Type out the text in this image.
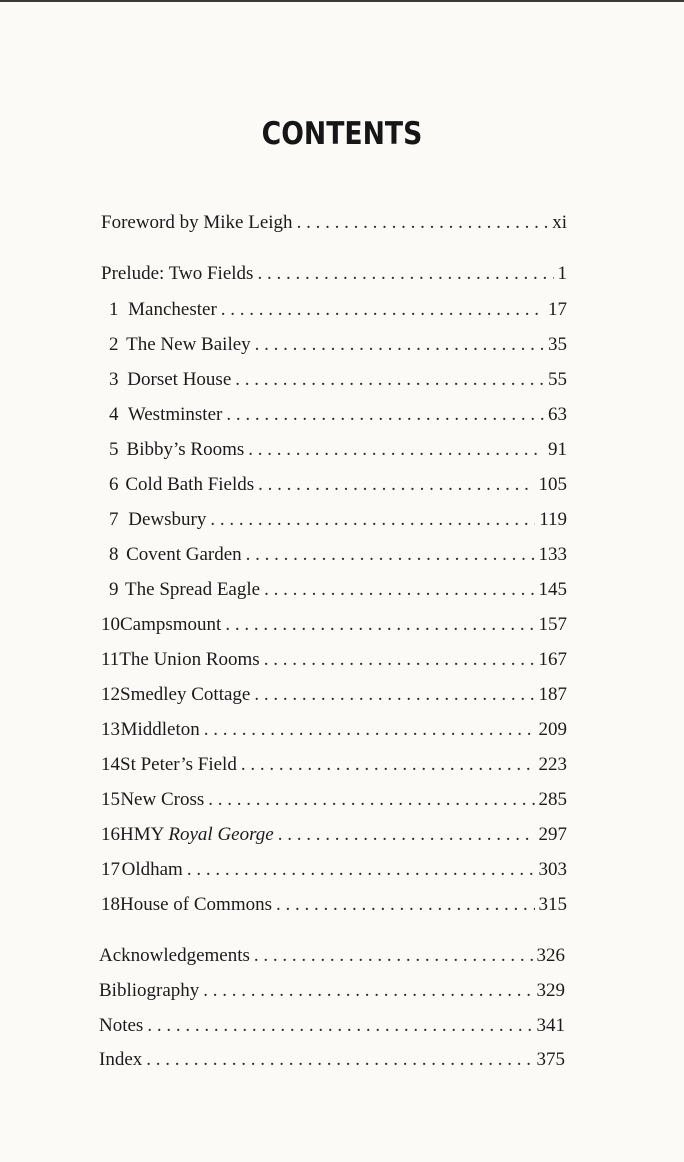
CONTENTS
Foreword by Mike Leigh . . .	xi
Prelude: Two Fields . . .	1
1 Manchester . . .	17
2 The New Bailey . . .	35
3 Dorset House . . .	55
4 Westminster . . .	63
5 Bibby’s Rooms . . .	91
6 Cold Bath Fields . . .	105
7 Dewsbury . . .	119
8 Covent Garden . . .	133
9 The Spread Eagle . . .	145
10 Campsmount . . .	157
11 The Union Rooms . . .	167
12 Smedley Cottage . . .	187
13 Middleton . . .	209
14 St Peter’s Field . . .	223
15 New Cross . . .	285
16 HMY Royal George . . .	297
17 Oldham . . .	303
18 House of Commons . . .	315
Acknowledgements . . .	326
Bibliography . . .	329
Notes . . .	341
Index . . .	375
